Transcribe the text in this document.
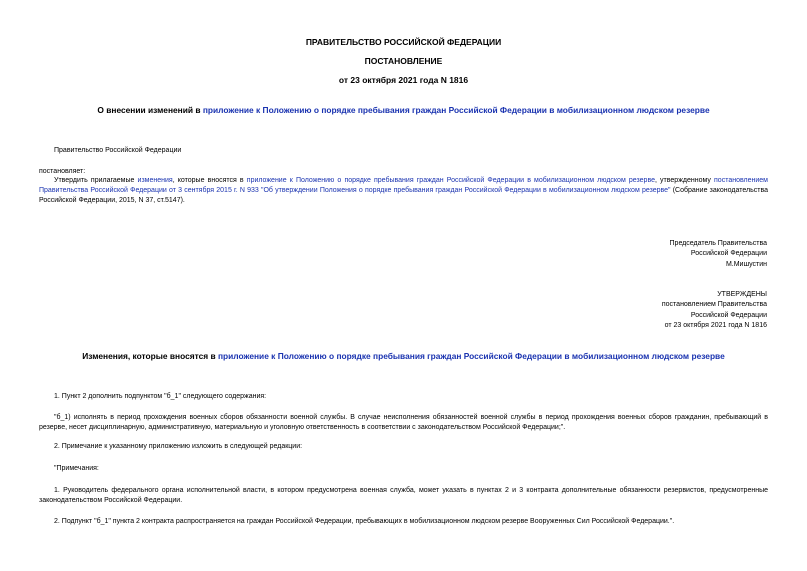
ПРАВИТЕЛЬСТВО РОССИЙСКОЙ ФЕДЕРАЦИИ
ПОСТАНОВЛЕНИЕ
от 23 октября 2021 года N 1816
О внесении изменений в приложение к Положению о порядке пребывания граждан Российской Федерации в мобилизационном людском резерве
Правительство Российской Федерации
постановляет:
Утвердить прилагаемые изменения, которые вносятся в приложение к Положению о порядке пребывания граждан Российской Федерации в мобилизационном людском резерве, утвержденному постановлением Правительства Российской Федерации от 3 сентября 2015 г. N 933 "Об утверждении Положения о порядке пребывания граждан Российской Федерации в мобилизационном людском резерве" (Собрание законодательства Российской Федерации, 2015, N 37, ст.5147).
Председатель Правительства
Российской Федерации
М.Мишустин
УТВЕРЖДЕНЫ
постановлением Правительства
Российской Федерации
от 23 октября 2021 года N 1816
Изменения, которые вносятся в приложение к Положению о порядке пребывания граждан Российской Федерации в мобилизационном людском резерве
1. Пункт 2 дополнить подпунктом "б_1" следующего содержания:
"б_1) исполнять в период прохождения военных сборов обязанности военной службы. В случае неисполнения обязанностей военной службы в период прохождения военных сборов гражданин, пребывающий в резерве, несет дисциплинарную, административную, материальную и уголовную ответственность в соответствии с законодательством Российской Федерации;".
2. Примечание к указанному приложению изложить в следующей редакции:
"Примечания:
1. Руководитель федерального органа исполнительной власти, в котором предусмотрена военная служба, может указать в пунктах 2 и 3 контракта дополнительные обязанности резервистов, предусмотренные законодательством Российской Федерации.
2. Подпункт "б_1" пункта 2 контракта распространяется на граждан Российской Федерации, пребывающих в мобилизационном людском резерве Вооруженных Сил Российской Федерации.".
